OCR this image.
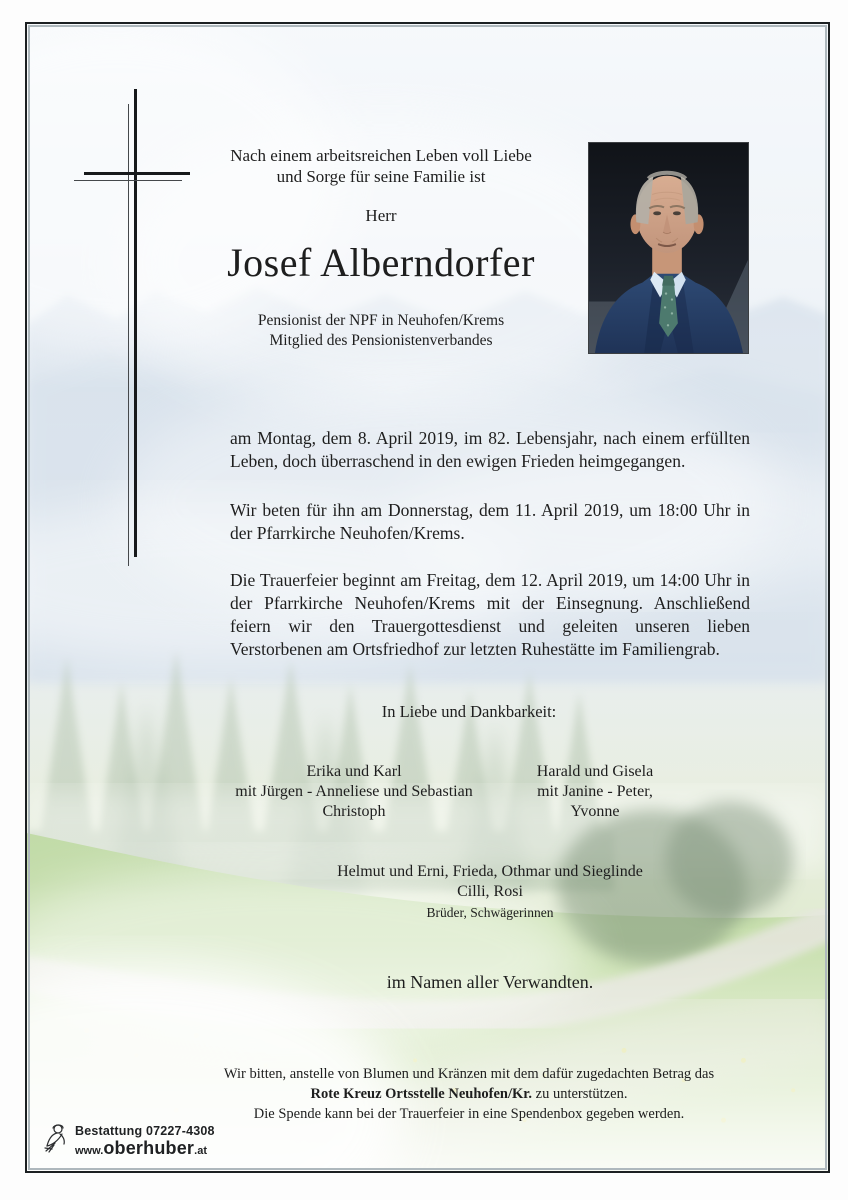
Nach einem arbeitsreichen Leben voll Liebe
und Sorge für seine Familie ist
Herr
Josef Alberndorfer
Pensionist der NPF in Neuhofen/Krems
Mitglied des Pensionistenverbandes
am Montag, dem 8. April 2019, im 82. Lebensjahr, nach einem erfüllten Leben, doch überraschend in den ewigen Frieden heimgegangen.
Wir beten für ihn am Donnerstag, dem 11. April 2019, um 18:00 Uhr in der Pfarrkirche Neuhofen/Krems.
Die Trauerfeier beginnt am Freitag, dem 12. April 2019, um 14:00 Uhr in der Pfarrkirche Neuhofen/Krems mit der Einsegnung. Anschließend feiern wir den Trauergottesdienst und geleiten unseren lieben Verstorbenen am Ortsfriedhof zur letzten Ruhestätte im Familiengrab.
In Liebe und Dankbarkeit:
Erika und Karl
mit Jürgen - Anneliese und Sebastian
Christoph
Harald und Gisela
mit Janine - Peter,
Yvonne
Helmut und Erni, Frieda, Othmar und Sieglinde
Cilli, Rosi
Brüder, Schwägerinnen
im Namen aller Verwandten.
Wir bitten, anstelle von Blumen und Kränzen mit dem dafür zugedachten Betrag das
Rote Kreuz Ortsstelle Neuhofen/Kr. zu unterstützen.
Die Spende kann bei der Trauerfeier in eine Spendenbox gegeben werden.
Bestattung 07227-4308
www.oberhuber.at
